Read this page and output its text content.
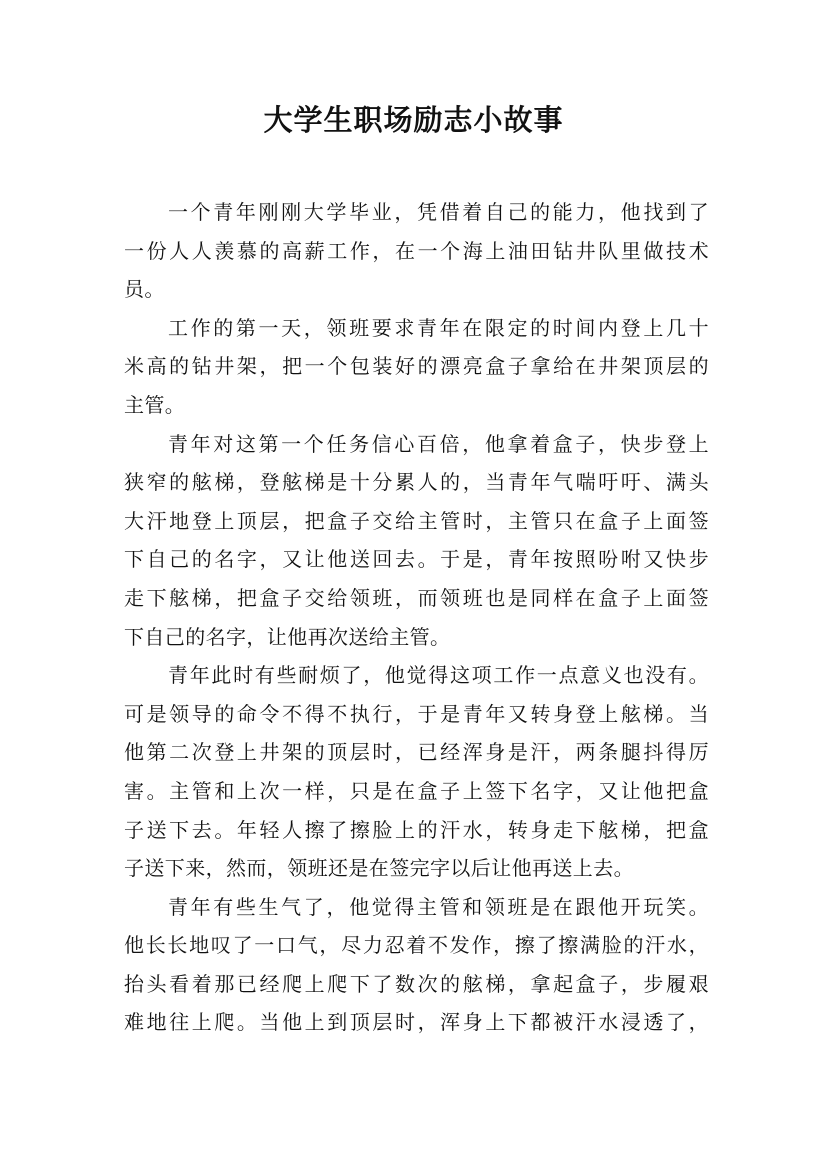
大学生职场励志小故事
一个青年刚刚大学毕业，凭借着自己的能力，他找到了
一份人人羡慕的高薪工作，在一个海上油田钻井队里做技术
员。
工作的第一天，领班要求青年在限定的时间内登上几十
米高的钻井架，把一个包装好的漂亮盒子拿给在井架顶层的
主管。
青年对这第一个任务信心百倍，他拿着盒子，快步登上
狭窄的舷梯，登舷梯是十分累人的，当青年气喘吁吁、满头
大汗地登上顶层，把盒子交给主管时，主管只在盒子上面签
下自己的名字，又让他送回去。于是，青年按照吩咐又快步
走下舷梯，把盒子交给领班，而领班也是同样在盒子上面签
下自己的名字，让他再次送给主管。
青年此时有些耐烦了，他觉得这项工作一点意义也没有。
可是领导的命令不得不执行，于是青年又转身登上舷梯。当
他第二次登上井架的顶层时，已经浑身是汗，两条腿抖得厉
害。主管和上次一样，只是在盒子上签下名字，又让他把盒
子送下去。年轻人擦了擦脸上的汗水，转身走下舷梯，把盒
子送下来，然而，领班还是在签完字以后让他再送上去。
青年有些生气了，他觉得主管和领班是在跟他开玩笑。
他长长地叹了一口气，尽力忍着不发作，擦了擦满脸的汗水，
抬头看着那已经爬上爬下了数次的舷梯，拿起盒子，步履艰
难地往上爬。当他上到顶层时，浑身上下都被汗水浸透了，
